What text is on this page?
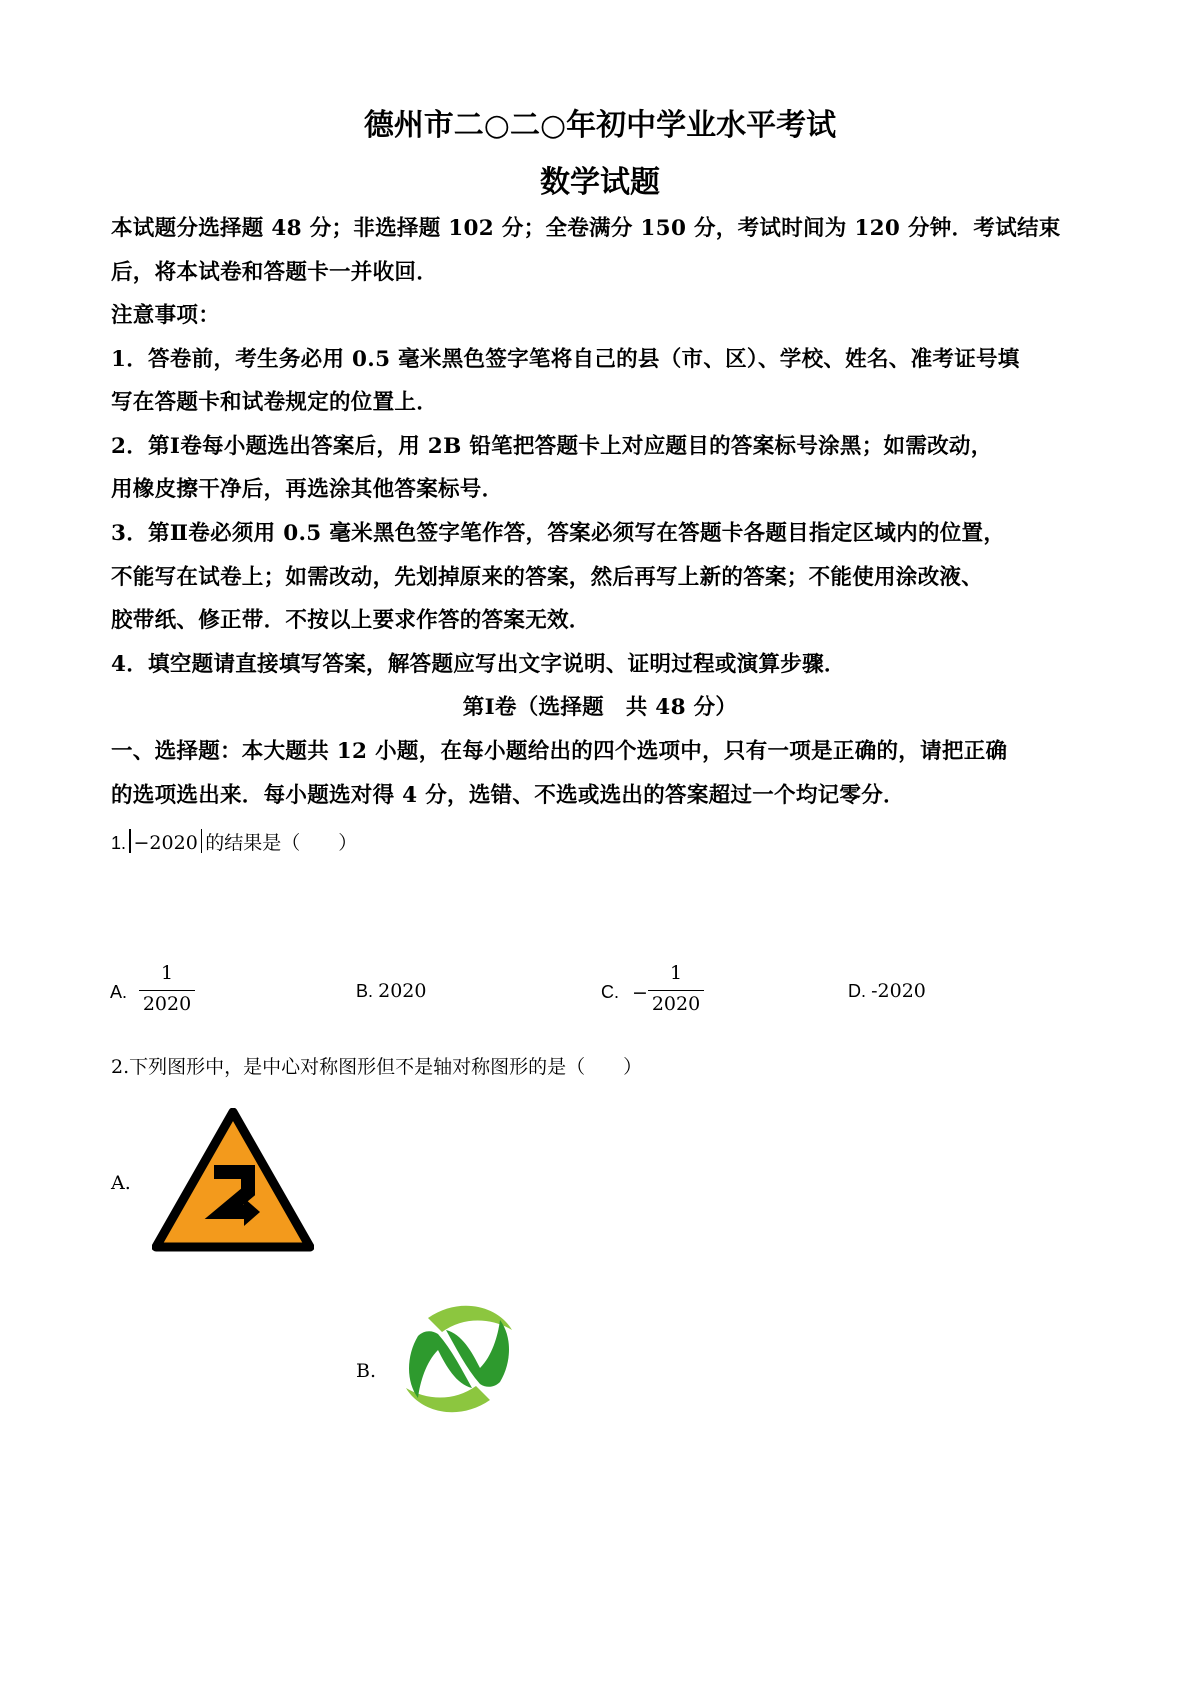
德州市二○二○年初中学业水平考试
数学试题
本试题分选择题 48 分；非选择题 102 分；全卷满分 150 分，考试时间为 120 分钟．考试结束
后，将本试卷和答题卡一并收回．
注意事项：
1．答卷前，考生务必用 0.5 毫米黑色签字笔将自己的县（市、区）、学校、姓名、准考证号填
写在答题卡和试卷规定的位置上．
2．第Ⅰ卷每小题选出答案后，用 2B 铅笔把答题卡上对应题目的答案标号涂黑；如需改动，
用橡皮擦干净后，再选涂其他答案标号．
3．第Ⅱ卷必须用 0.5 毫米黑色签字笔作答，答案必须写在答题卡各题目指定区域内的位置，
不能写在试卷上；如需改动，先划掉原来的答案，然后再写上新的答案；不能使用涂改液、
胶带纸、修正带．不按以上要求作答的答案无效．
4．填空题请直接填写答案，解答题应写出文字说明、证明过程或演算步骤．
第Ⅰ卷（选择题　共 48 分）
一、选择题：本大题共 12 小题，在每小题给出的四个选项中，只有一项是正确的，请把正确
的选项选出来．每小题选对得 4 分，选错、不选或选出的答案超过一个均记零分．
1. −2020 的结果是（　　）
A.
1
2020
B. 2020	C. −
1
2020
D. -2020
2.下列图形中，是中心对称图形但不是轴对称图形的是（　　）
A.
B.
